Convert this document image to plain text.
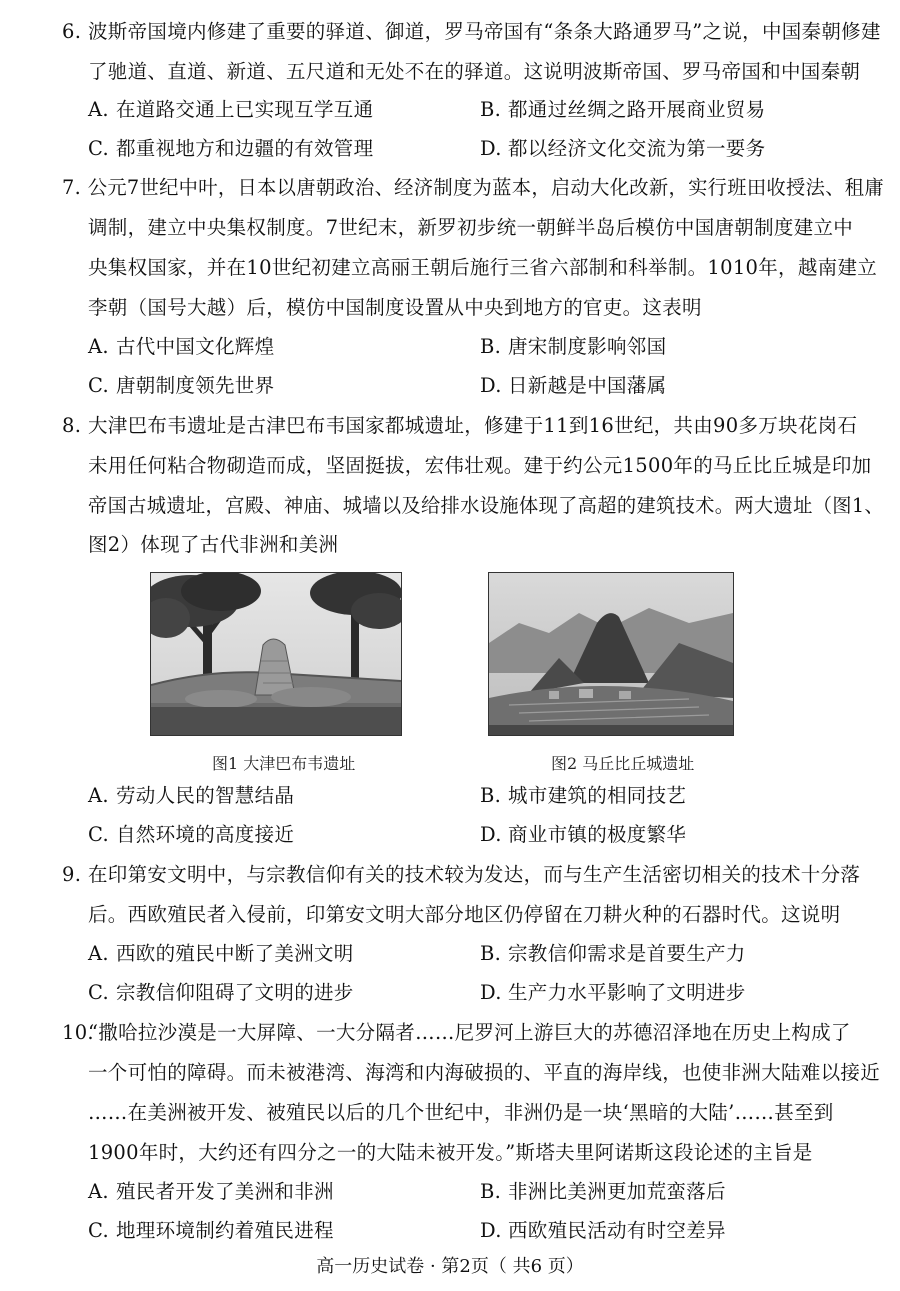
6. 波斯帝国境内修建了重要的驿道、御道，罗马帝国有“条条大路通罗马”之说，中国秦朝修建
了驰道、直道、新道、五尺道和无处不在的驿道。这说明波斯帝国、罗马帝国和中国秦朝
A. 在道路交通上已实现互学互通	B. 都通过丝绸之路开展商业贸易
C. 都重视地方和边疆的有效管理	D. 都以经济文化交流为第一要务
7. 公元7世纪中叶，日本以唐朝政治、经济制度为蓝本，启动大化改新，实行班田收授法、租庸
调制，建立中央集权制度。7世纪末，新罗初步统一朝鲜半岛后模仿中国唐朝制度建立中
央集权国家，并在10世纪初建立高丽王朝后施行三省六部制和科举制。1010年，越南建立
李朝（国号大越）后，模仿中国制度设置从中央到地方的官吏。这表明
A. 古代中国文化辉煌	B. 唐宋制度影响邻国
C. 唐朝制度领先世界	D. 日新越是中国藩属
8. 大津巴布韦遗址是古津巴布韦国家都城遗址，修建于11到16世纪，共由90多万块花岗石
未用任何粘合物砌造而成，坚固挺拔，宏伟壮观。建于约公元1500年的马丘比丘城是印加
帝国古城遗址，宫殿、神庙、城墙以及给排水设施体现了高超的建筑技术。两大遗址（图1、
图2）体现了古代非洲和美洲
图1 大津巴布韦遗址	图2 马丘比丘城遗址
A. 劳动人民的智慧结晶	B. 城市建筑的相同技艺
C. 自然环境的高度接近	D. 商业市镇的极度繁华
9. 在印第安文明中，与宗教信仰有关的技术较为发达，而与生产生活密切相关的技术十分落
后。西欧殖民者入侵前，印第安文明大部分地区仍停留在刀耕火种的石器时代。这说明
A. 西欧的殖民中断了美洲文明	B. 宗教信仰需求是首要生产力
C. 宗教信仰阻碍了文明的进步	D. 生产力水平影响了文明进步
10.“撒哈拉沙漠是一大屏障、一大分隔者……尼罗河上游巨大的苏德沼泽地在历史上构成了
一个可怕的障碍。而未被港湾、海湾和内海破损的、平直的海岸线，也使非洲大陆难以接近
……在美洲被开发、被殖民以后的几个世纪中，非洲仍是一块‘黑暗的大陆’……甚至到
1900年时，大约还有四分之一的大陆未被开发。”斯塔夫里阿诺斯这段论述的主旨是
A. 殖民者开发了美洲和非洲	B. 非洲比美洲更加荒蛮落后
C. 地理环境制约着殖民进程	D. 西欧殖民活动有时空差异
高一历史试卷 · 第2页（ 共6 页）
